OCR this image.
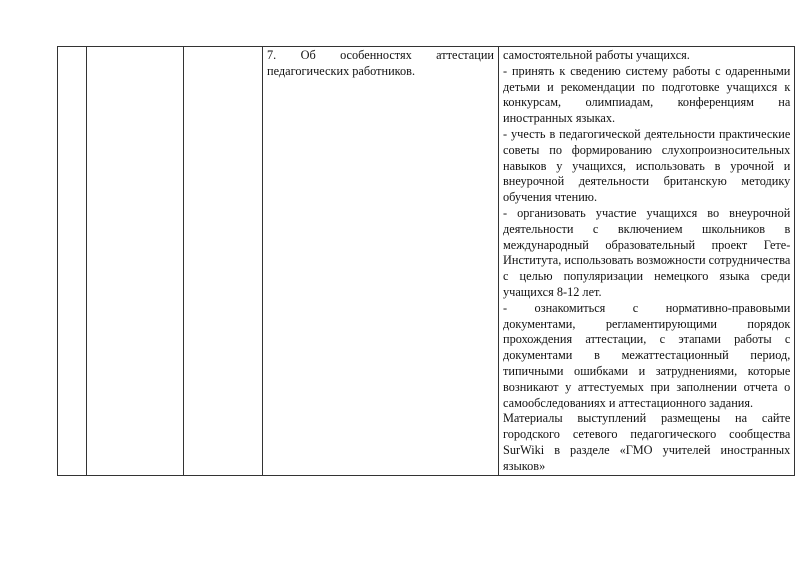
7. Об особенностях аттестации
педагогических работников.

самостоятельной работы учащихся.
- принять к сведению систему работы с одаренными
детьми и рекомендации по подготовке учащихся к
конкурсам, олимпиадам, конференциям на
иностранных языках.
- учесть в педагогической деятельности практические
советы по формированию слухопроизносительных
навыков у учащихся, использовать в урочной и
внеурочной деятельности британскую методику
обучения чтению.
- организовать участие учащихся во внеурочной
деятельности с включением школьников в
международный образовательный проект Гете-
Института, использовать возможности сотрудничества
с целью популяризации немецкого языка среди
учащихся 8-12 лет.
- ознакомиться с нормативно-правовыми
документами, регламентирующими порядок
прохождения аттестации, с этапами работы с
документами в межаттестационный период,
типичными ошибками и затруднениями, которые
возникают у аттестуемых при заполнении отчета о
самообследованиях и аттестационного задания.
Материалы выступлений размещены на сайте
городского сетевого педагогического сообщества
SurWiki в разделе «ГМО учителей иностранных
языков»
